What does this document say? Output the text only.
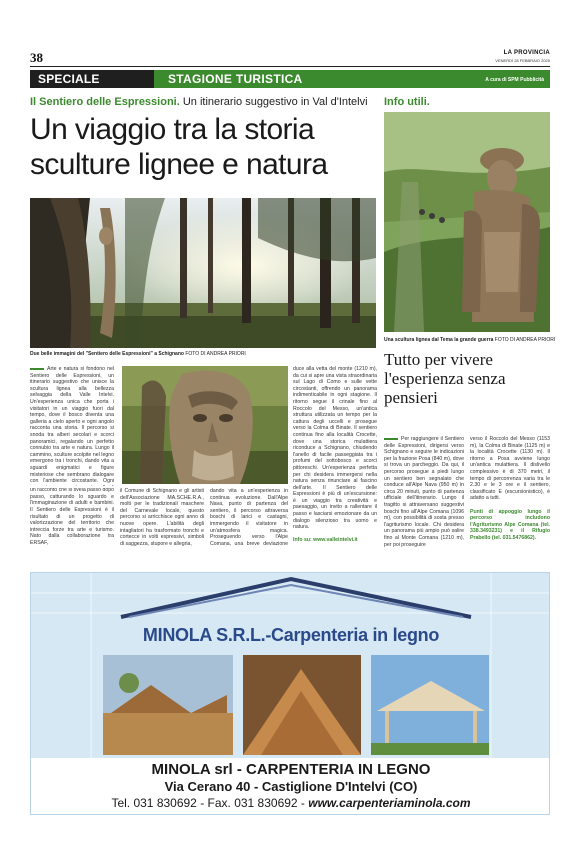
38	LA PROVINCIA
VENERDÌ 28 FEBBRAIO 2025
SPECIALE	STAGIONE TURISTICA	A cura di SPM Pubblicità
Il Sentiero delle Espressioni. Un itinerario suggestivo in Val d'Intelvi
Un viaggio tra la storia sculture lignee e natura
Due belle immagini del "Sentiero delle Espressioni" a Schignano FOTO DI ANDREA PRIORI
Arte e natura si fondono nel Sentiero delle Espressioni, un itinerario suggestivo che unisce la scultura lignea alla bellezza selvaggia della Valle Intelvi. Un'esperienza unica che porta i visitatori in un viaggio fuori dal tempo, dove il bosco diventa una galleria a cielo aperto e ogni angolo racconta una storia. Il percorso si snoda tra alberi secolari e scorci panoramici, regalando un perfetto connubio tra arte e natura. Lungo il cammino, sculture scolpite nel legno emergono tra i tronchi, dando vita a sguardi enigmatici e figure misteriose che sembrano dialogare con l'ambiente circostante. Ogni
un racconto che si svela passo dopo passo, catturando lo sguardo e l'immaginazione di adulti e bambini. Il Sentiero delle Espressioni è il risultato di un progetto di valorizzazione del territorio che intreccia forze tra arte e turismo. Nato dalla collaborazione tra ERSAF,
il Comune di Schignano e gli artisti dell'Associazione MA.SCHE.R.A., molti per le tradizionali maschere del Carnevale locale, questo percorso si arricchisce ogni anno di nuove opere. L'abilità degli intagliatori ha trasformato tronchi e cortecce in volti espressivi, simboli di saggezza, stupore e allegria,
dando vita a un'esperienza in continua evoluzione. Dall'Alpe Nava, punto di partenza del sentiero, il percorso attraversa boschi di larici e castagni, immergendo il visitatore in un'atmosfera magica. Proseguendo verso l'Alpe Comana, una breve deviazione
duce alla vetta del monte (1210 m), da cui si apre una vista straordinaria sul Lago di Como e sulle vette circostanti, offrendo un panorama indimenticabile in ogni stagione. Il ritorno segue il crinale fino al Roccolo del Messo, un'antica struttura utilizzata un tempo per la cattura degli uccelli e prosegue verso la Colma di Binate. Il sentiero continua fino alla località Crocette, dove una storica mulattiera riconduce a Schignano, chiudendo l'anello di facile passeggiata tra i profumi del sottobosco e scorci pittoreschi. Un'esperienza perfetta per chi desidera immergersi nella natura senza rinunciare al fascino dell'arte. Il Sentiero delle Espressioni è più di un'escursione: è un viaggio tra creatività e paesaggio, un invito a rallentare il passo e lasciarsi emozionare da un dialogo silenzioso tra uomo e natura.

Info su: www.valleintelvi.it
Info utili.
Una scultura lignea dal Tema la grande guerra FOTO DI ANDREA PRIORI
Tutto per vivere l'esperienza senza pensieri
Per raggiungere il Sentiero delle Espressioni, dirigersi verso Schignano e seguire le indicazioni per la frazione Posa (840 m), dove si trova un parcheggio. Da qui, il percorso prosegue a piedi lungo un sentiero ben segnalato che conduce all'Alpe Nava (950 m) in circa 20 minuti, punto di partenza ufficiale dell'itinerario. Lungo il tragitto si attraversano suggestivi boschi fino all'Alpe Comana (1096 m), con possibilità di sosta presso l'agriturismo locale. Chi desidera un panorama più ampio può salire fino al Monte Comana (1210 m), per poi proseguire
verso il Roccolo del Messo (1153 m), la Colma di Binate (1125 m) e la località Crocette (1130 m). Il ritorno a Posa avviene lungo un'antica mulattiera. Il dislivello complessivo è di 370 metri, il tempo di percorrenza varia tra le 2.30 e le 3 ore e il sentiero, classificato E (escursionistico), è adatto a tutti.

Punti di appoggio lungo il percorso includono l'Agriturismo Alpe Comana (tel. 338.3493231) e il Rifugio Prabello (tel. 031.5476862).
MINOLA S.R.L.-Carpenteria in legno
MINOLA srl - CARPENTERIA IN LEGNO
Via Cerano 40 - Castiglione D'Intelvi (CO)
Tel. 031 830692 - Fax. 031 830692 - www.carpenteriaminola.com
